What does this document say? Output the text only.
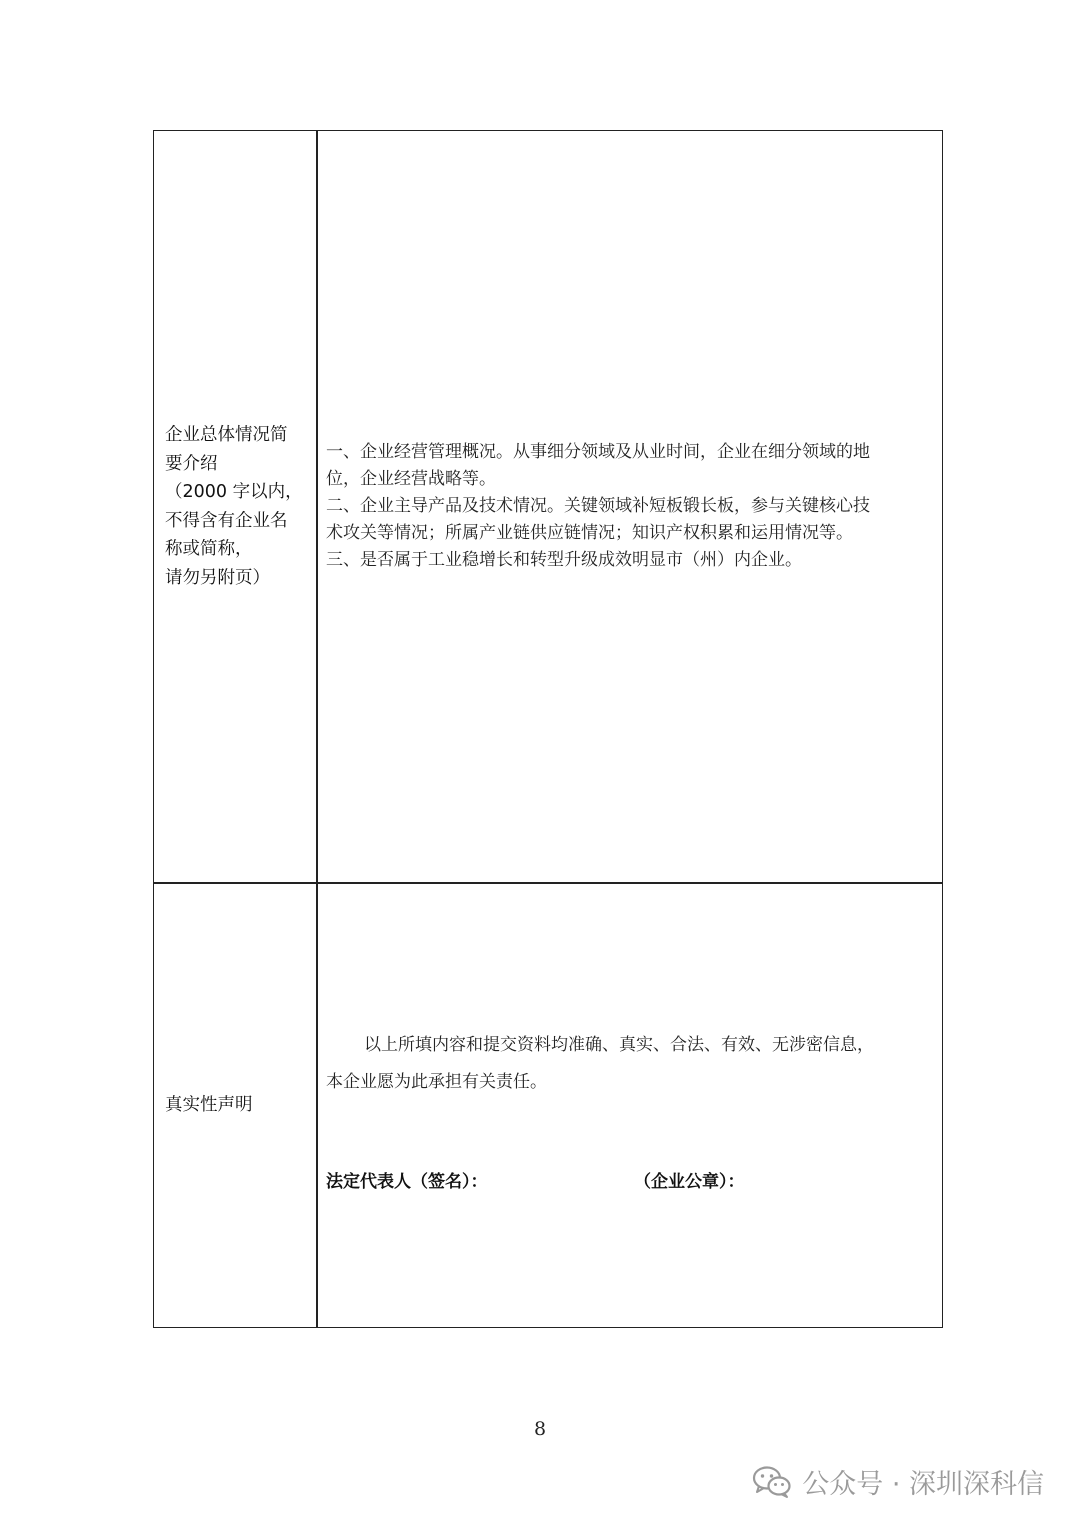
企业总体情况简
要介绍
（2000 字以内，
不得含有企业名
称或简称，
请勿另附页）
一、企业经营管理概况。从事细分领域及从业时间，企业在细分领域的地
位，企业经营战略等。
二、企业主导产品及技术情况。关键领域补短板锻长板，参与关键核心技
术攻关等情况；所属产业链供应链情况；知识产权积累和运用情况等。
三、是否属于工业稳增长和转型升级成效明显市（州）内企业。
真实性声明
以上所填内容和提交资料均准确、真实、合法、有效、无涉密信息，
本企业愿为此承担有关责任。
法定代表人（签名）：	（企业公章）：
8
公众号 · 深圳深科信
